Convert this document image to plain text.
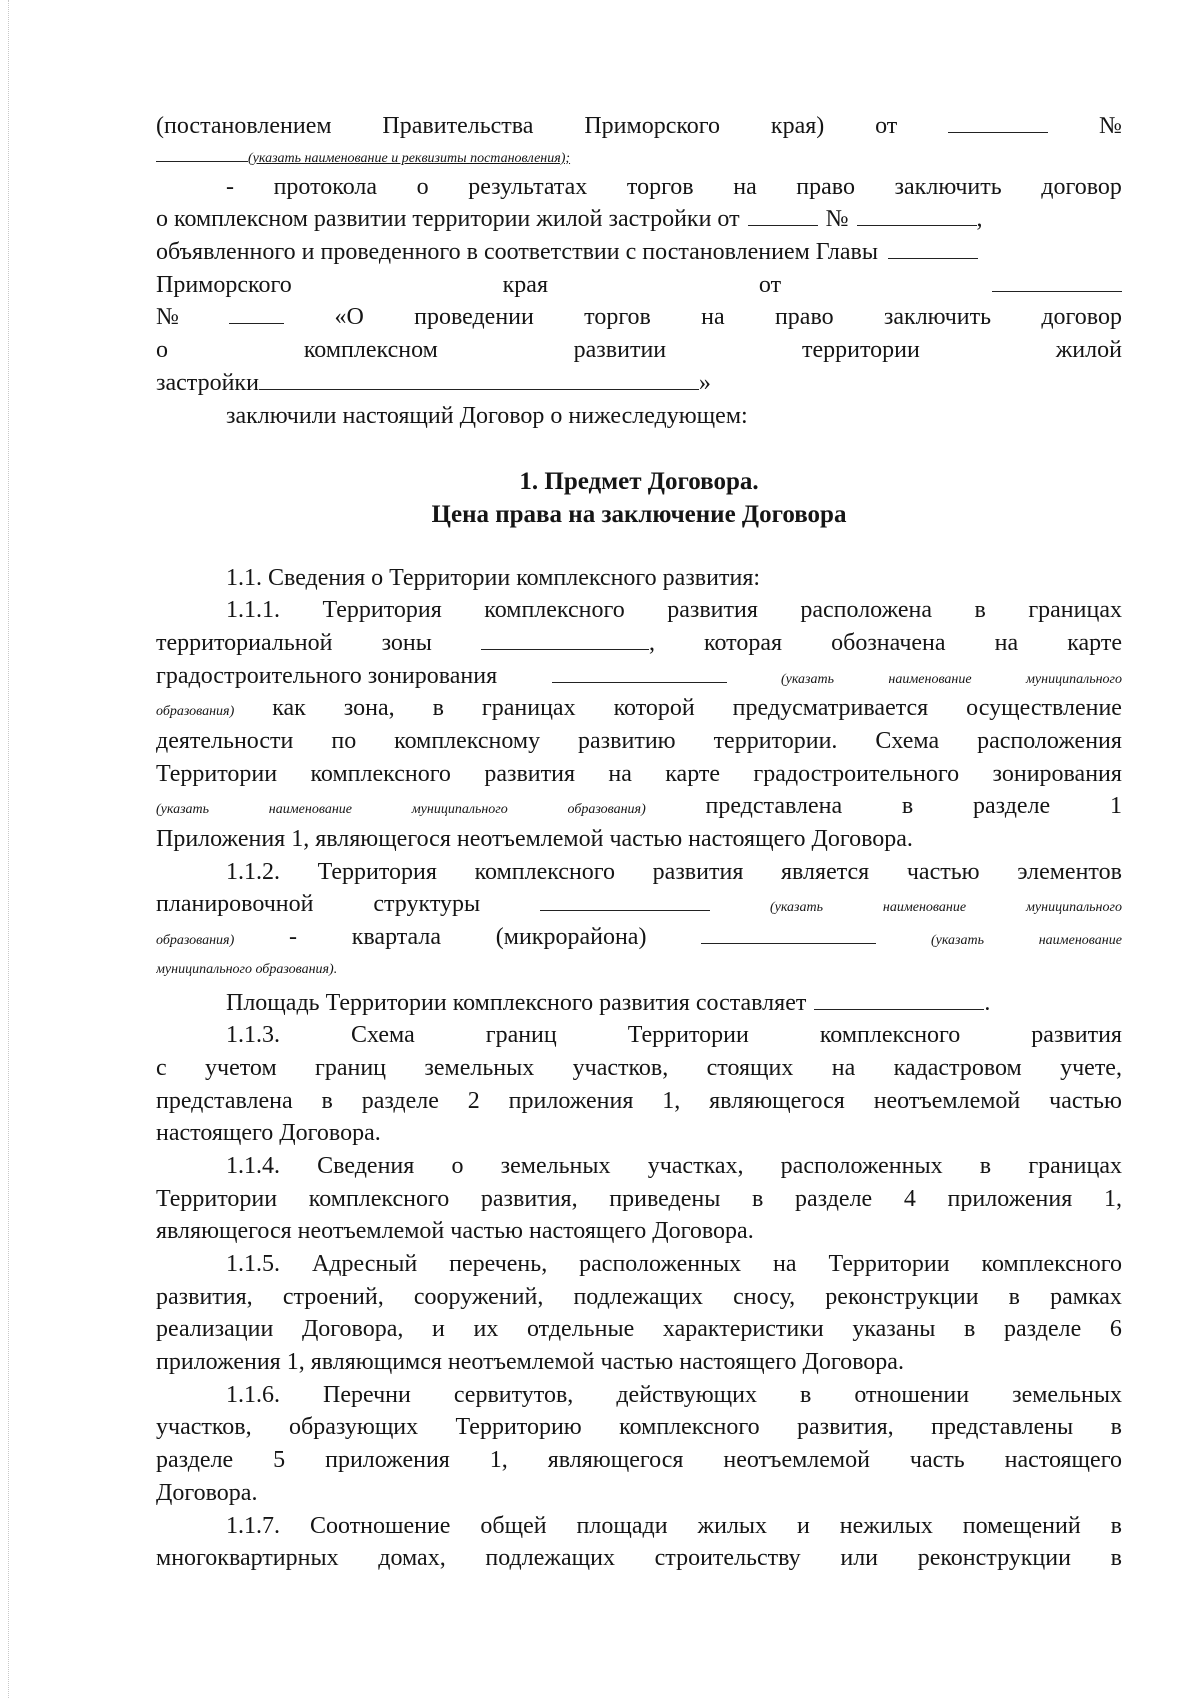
(постановлением Правительства Приморского края) от	№
(указать наименование и реквизиты постановления);
- протокола о результатах торгов на право заключить договор
о комплексном развитии территории жилой застройки от	№	,
объявленного и проведенного в соответствии с постановлением Главы
Приморского	края	от
№	«О проведении торгов на право заключить договор
о	комплексном	развитии	территории	жилой
застройки	»
заключили настоящий Договор о нижеследующем:
1. Предмет Договора.
Цена права на заключение Договора
1.1. Сведения о Территории комплексного развития:
1.1.1. Территория комплексного развития расположена в границах
территориальной зоны	, которая обозначена на карте
градостроительного зонирования	(указать	наименование	муниципального
образования) как зона, в границах которой предусматривается осуществление
деятельности по комплексному развитию территории. Схема расположения
Территории комплексного развития на карте градостроительного зонирования
(указать	наименование	муниципального	образования) представлена в разделе 1
Приложения 1, являющегося неотъемлемой частью настоящего Договора.
1.1.2. Территория комплексного развития является частью элементов
планировочной структуры	(указать	наименование	муниципального
образования) - квартала (микрорайона)	(указать	наименование
муниципального образования).
Площадь Территории комплексного развития составляет	.
1.1.3.	Схема	границ	Территории	комплексного	развития
с учетом границ земельных участков, стоящих на кадастровом учете,
представлена в разделе 2 приложения 1, являющегося неотъемлемой частью
настоящего Договора.
1.1.4. Сведения о земельных участках, расположенных в границах
Территории комплексного развития, приведены в разделе 4 приложения 1,
являющегося неотъемлемой частью настоящего Договора.
1.1.5. Адресный перечень, расположенных на Территории комплексного
развития, строений, сооружений, подлежащих сносу, реконструкции в рамках
реализации Договора, и их отдельные характеристики указаны в разделе 6
приложения 1, являющимся неотъемлемой частью настоящего Договора.
1.1.6. Перечни сервитутов, действующих в отношении земельных
участков, образующих Территорию комплексного развития, представлены в
разделе 5 приложения 1, являющегося неотъемлемой часть настоящего
Договора.
1.1.7. Соотношение общей площади жилых и нежилых помещений в
многоквартирных домах, подлежащих строительству или реконструкции в
